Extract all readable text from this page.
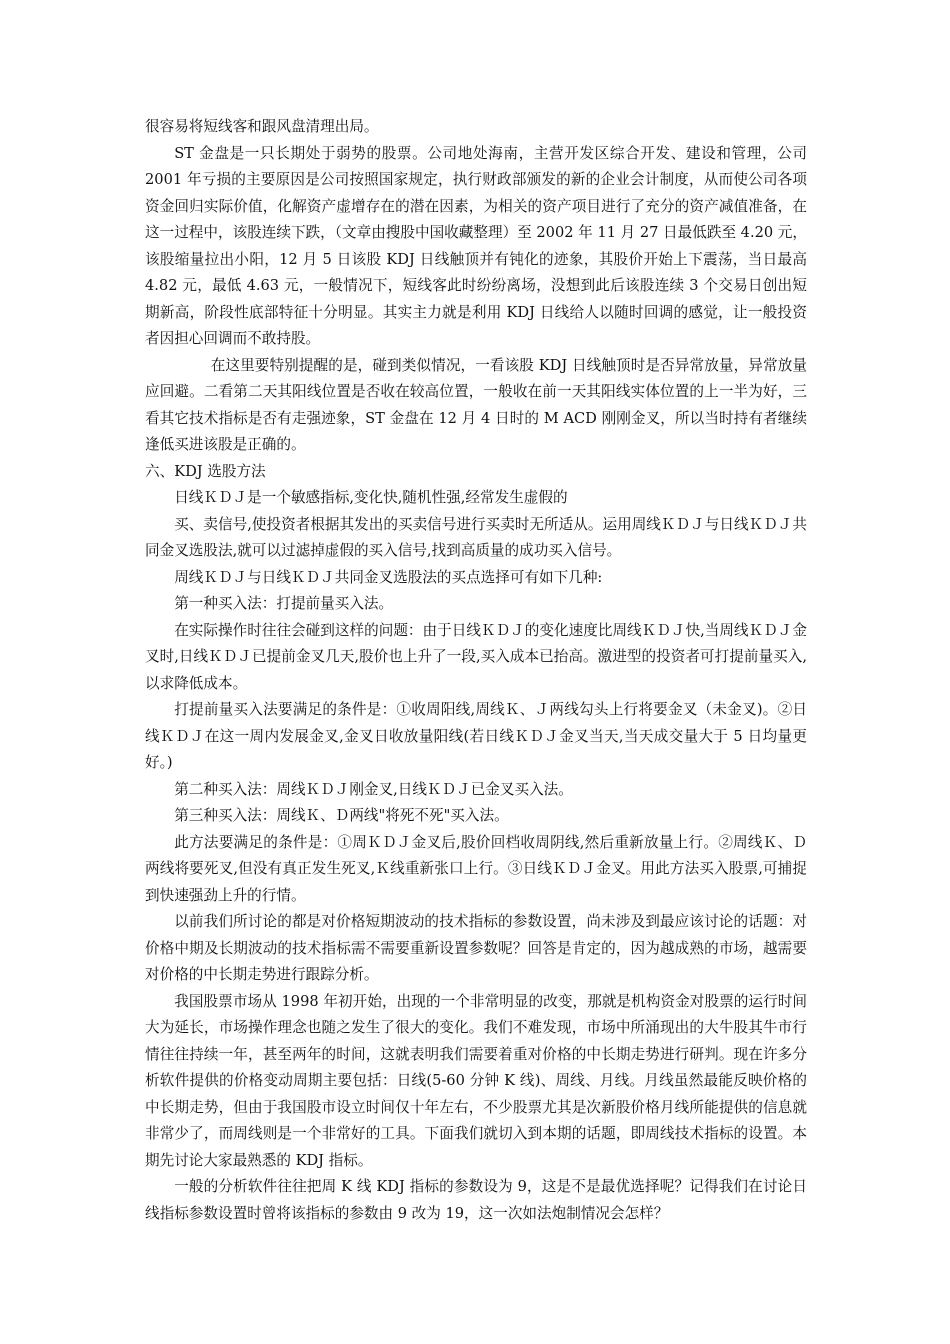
很容易将短线客和跟风盘清理出局。

ST 金盘是一只长期处于弱势的股票。公司地处海南，主营开发区综合开发、建设和管理，公司 2001 年亏损的主要原因是公司按照国家规定，执行财政部颁发的新的企业会计制度，从而使公司各项资金回归实际价值，化解资产虚增存在的潜在因素，为相关的资产项目进行了充分的资产减值准备，在这一过程中，该股连续下跌，（文章由搜股中国收藏整理）至 2002 年 11 月 27 日最低跌至 4.20 元，该股缩量拉出小阳，12 月 5 日该股 KDJ 日线触顶并有钝化的迹象，其股价开始上下震荡，当日最高 4.82 元，最低 4.63 元，一般情况下，短线客此时纷纷离场，没想到此后该股连续 3 个交易日创出短期新高，阶段性底部特征十分明显。其实主力就是利用 KDJ 日线给人以随时回调的感觉，让一般投资者因担心回调而不敢持股。

在这里要特别提醒的是，碰到类似情况，一看该股 KDJ 日线触顶时是否异常放量，异常放量应回避。二看第二天其阳线位置是否收在较高位置，一般收在前一天其阳线实体位置的上一半为好，三看其它技术指标是否有走强迹象，ST 金盘在 12 月 4 日时的 M ACD 刚刚金叉，所以当时持有者继续逢低买进该股是正确的。

六、KDJ 选股方法

日线ＫＤＪ是一个敏感指标,变化快,随机性强,经常发生虚假的

买、卖信号,使投资者根据其发出的买卖信号进行买卖时无所适从。运用周线ＫＤＪ与日线ＫＤＪ共同金叉选股法,就可以过滤掉虚假的买入信号,找到高质量的成功买入信号。

周线ＫＤＪ与日线ＫＤＪ共同金叉选股法的买点选择可有如下几种:

第一种买入法：打提前量买入法。

在实际操作时往往会碰到这样的问题：由于日线ＫＤＪ的变化速度比周线ＫＤＪ快,当周线ＫＤＪ金叉时,日线ＫＤＪ已提前金叉几天,股价也上升了一段,买入成本已抬高。激进型的投资者可打提前量买入,以求降低成本。

打提前量买入法要满足的条件是：①收周阳线,周线Ｋ、Ｊ两线勾头上行将要金叉（未金叉)。②日线ＫＤＪ在这一周内发展金叉,金叉日收放量阳线(若日线ＫＤＪ金叉当天,当天成交量大于 5 日均量更好。)

第二种买入法：周线ＫＤＪ刚金叉,日线ＫＤＪ已金叉买入法。

第三种买入法：周线Ｋ、Ｄ两线"将死不死"买入法。

此方法要满足的条件是：①周ＫＤＪ金叉后,股价回档收周阴线,然后重新放量上行。②周线Ｋ、Ｄ两线将要死叉,但没有真正发生死叉,Ｋ线重新张口上行。③日线ＫＤＪ金叉。用此方法买入股票,可捕捉到快速强劲上升的行情。

以前我们所讨论的都是对价格短期波动的技术指标的参数设置，尚未涉及到最应该讨论的话题：对价格中期及长期波动的技术指标需不需要重新设置参数呢？回答是肯定的，因为越成熟的市场，越需要对价格的中长期走势进行跟踪分析。

我国股票市场从 1998 年初开始，出现的一个非常明显的改变，那就是机构资金对股票的运行时间大为延长，市场操作理念也随之发生了很大的变化。我们不难发现，市场中所涌现出的大牛股其牛市行情往往持续一年，甚至两年的时间，这就表明我们需要着重对价格的中长期走势进行研判。现在许多分析软件提供的价格变动周期主要包括：日线(5-60 分钟 K 线)、周线、月线。月线虽然最能反映价格的中长期走势，但由于我国股市设立时间仅十年左右，不少股票尤其是次新股价格月线所能提供的信息就非常少了，而周线则是一个非常好的工具。下面我们就切入到本期的话题，即周线技术指标的设置。本期先讨论大家最熟悉的 KDJ 指标。

一般的分析软件往往把周 K 线 KDJ 指标的参数设为 9，这是不是最优选择呢？记得我们在讨论日线指标参数设置时曾将该指标的参数由 9 改为 19，这一次如法炮制情况会怎样？
